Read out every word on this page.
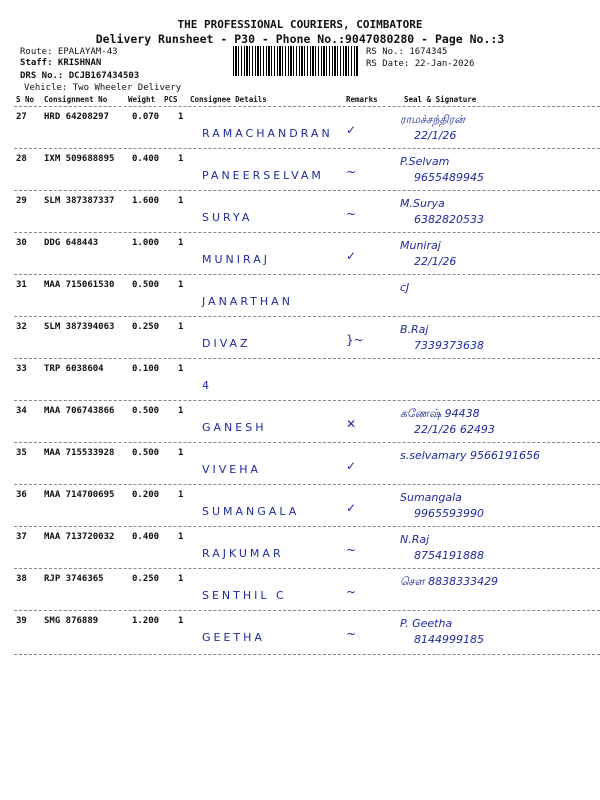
THE PROFESSIONAL COURIERS, COIMBATORE
Delivery Runsheet - P30 - Phone No.:9047080280 - Page No.:3
Route: EPALAYAM-43
Staff: KRISHNAN
DRS No.: DCJB167434503
Vehicle: Two Wheeler Delivery
RS No.: 1674345
RS Date: 22-Jan-2026
S No Consignment No	Weight PCS Consignee Details	Remarks	Seal & Signature
27 HRD 64208297	0.070 1
RAMACHANDRAN ✓
ராமச்சந்திரன்
22/1/26
28 IXM 509688895 0.400 1
PANEERSELVAM ~
P.Selvam
9655489945
29 SLM 387387337 1.600 1
SURYA	~
M.Surya
6382820533
30 DDG 648443	1.000 1
MUNIRAJ	✓
Muniraj
22/1/26
31 MAA 715061530 0.500 1
JANARTHAN
cJ
32 SLM 387394063 0.250 1
DIVAZ	}~
B.Raj
7339373638
33 TRP 6038604	0.100 1
4
34 MAA 706743866 0.500 1
GANESH	✕
கணேஷ் 94438
22/1/26 62493
35 MAA 715533928 0.500 1
VIVEHA	✓
s.selvamary 9566191656
36 MAA 714700695 0.200 1
SUMANGALA	✓
Sumangala
9965593990
37 MAA 713720032 0.400 1
RAJKUMAR	~
N.Raj
8754191888
38 RJP 3746365	0.250 1
SENTHIL C	~
சௌ 8838333429
39 SMG 876889	1.200 1
GEETHA	~
P. Geetha
8144999185
